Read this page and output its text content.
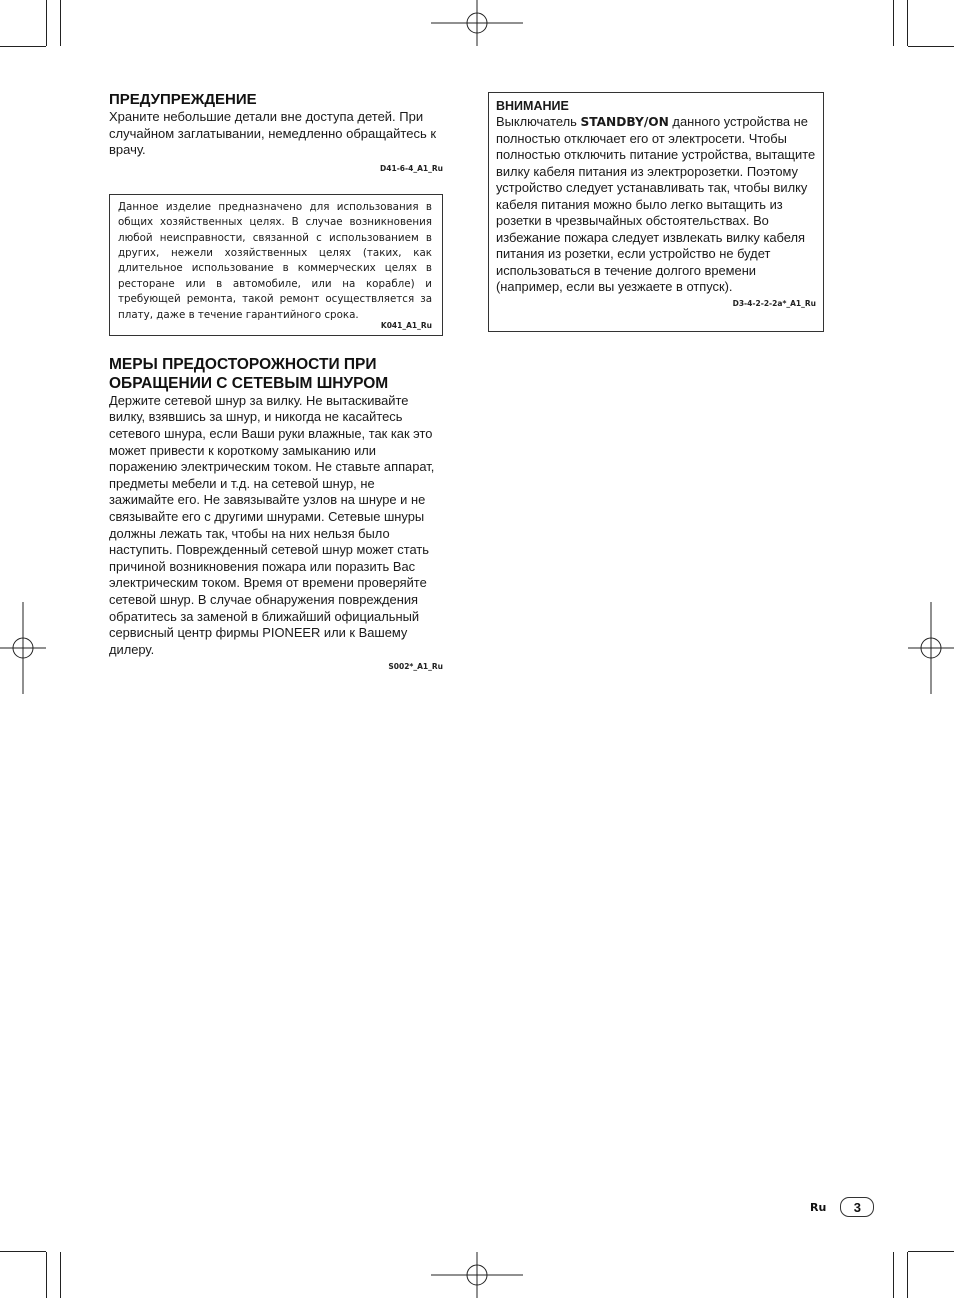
ПРЕДУПРЕЖДЕНИЕ

Храните небольшие детали вне доступа детей. При случайном заглатывании, немедленно обращайтесь к врачу.

D41-6-4_A1_Ru

Данное изделие предназначено для использования в общих хозяйственных целях. В случае возникновения любой неисправности, связанной с использованием в других, нежели хозяйственных целях (таких, как длительное использование в коммерческих целях в ресторане или в автомобиле, или на корабле) и требующей ремонта, такой ремонт осуществляется за плату, даже в течение гарантийного срока.

K041_A1_Ru
МЕРЫ ПРЕДОСТОРОЖНОСТИ ПРИ
ОБРАЩЕНИИ С СЕТЕВЫМ ШНУРОМ

Держите сетевой шнур за вилку. Не вытаскивайте вилку, взявшись за шнур, и никогда не касайтесь сетевого шнура, если Ваши руки влажные, так как это может привести к короткому замыканию или поражению электрическим током. Не ставьте аппарат, предметы мебели и т.д. на сетевой шнур, не зажимайте его. Не завязывайте узлов на шнуре и не связывайте его с другими шнурами. Сетевые шнуры должны лежать так, чтобы на них нельзя было наступить. Поврежденный сетевой шнур может стать причиной возникновения пожара или поразить Вас электрическим током. Время от времени проверяйте сетевой шнур. В случае обнаружения повреждения обратитесь за заменой в ближайший официальный сервисный центр фирмы PIONEER или к Вашему дилеру.

S002*_A1_Ru

ВНИМАНИЕ

Выключатель STANDBY/ON данного устройства не полностью отключает его от электросети. Чтобы полностью отключить питание устройства, вытащите вилку кабеля питания из электророзетки. Поэтому устройство следует устанавливать так, чтобы вилку кабеля питания можно было легко вытащить из розетки в чрезвычайных обстоятельствах. Во избежание пожара следует извлекать вилку кабеля питания из розетки, если устройство не будет использоваться в течение долгого времени (например, если вы уезжаете в отпуск).

D3-4-2-2-2a*_A1_Ru

Ru	3
